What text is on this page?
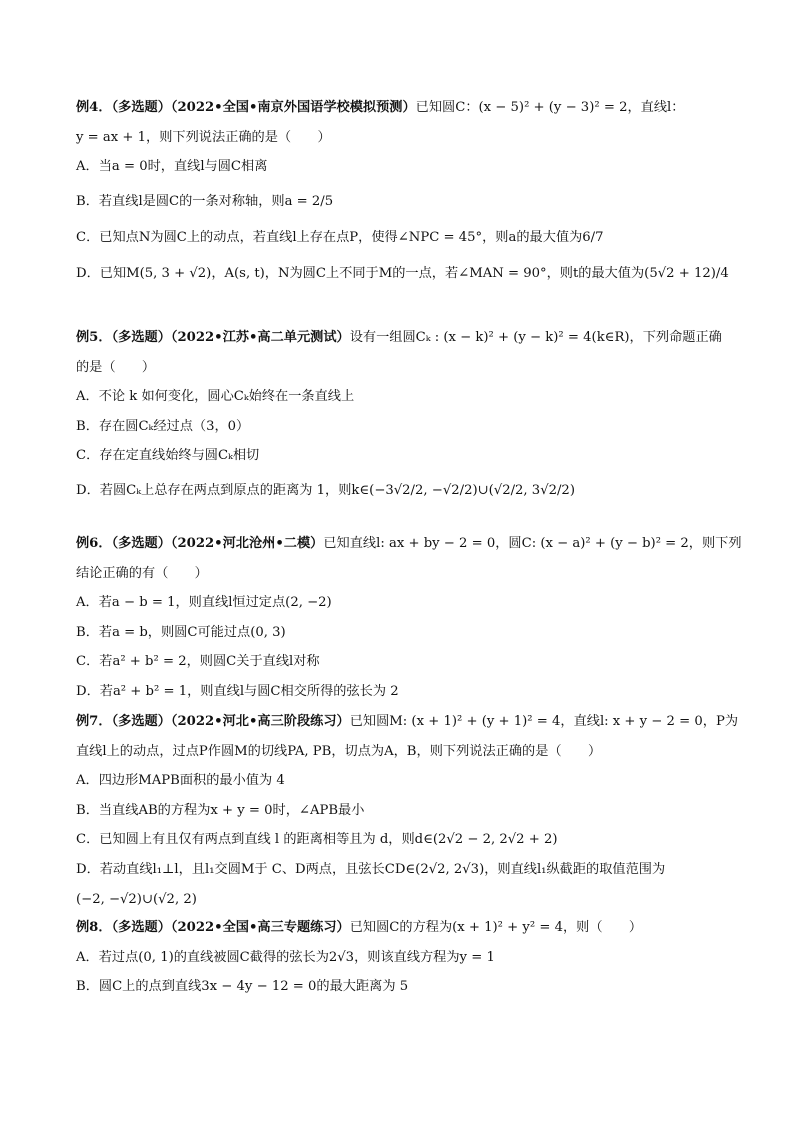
例4．（多选题）（2022•全国•南京外国语学校模拟预测）已知圆C：(x − 5)² + (y − 3)² = 2，直线l：
y = ax + 1，则下列说法正确的是（　　）
A．当a = 0时，直线l与圆C相离
B．若直线l是圆C的一条对称轴，则a = 2/5
C．已知点N为圆C上的动点，若直线l上存在点P，使得∠NPC = 45°，则a的最大值为6/7
D．已知M(5, 3 + √2)，A(s, t)，N为圆C上不同于M的一点，若∠MAN = 90°，则t的最大值为(5√2 + 12)/4
例5．（多选题）（2022•江苏•高二单元测试）设有一组圆Cₖ : (x − k)² + (y − k)² = 4(k∈R)，下列命题正确
的是（　　）
A．不论 k 如何变化，圆心Cₖ始终在一条直线上
B．存在圆Cₖ经过点（3，0）
C．存在定直线始终与圆Cₖ相切
D．若圆Cₖ上总存在两点到原点的距离为 1，则k∈(−3√2/2, −√2/2)∪(√2/2, 3√2/2)
例6．（多选题）（2022•河北沧州•二模）已知直线l: ax + by − 2 = 0，圆C: (x − a)² + (y − b)² = 2，则下列
结论正确的有（　　）
A．若a − b = 1，则直线l恒过定点(2, −2)
B．若a = b，则圆C可能过点(0, 3)
C．若a² + b² = 2，则圆C关于直线l对称
D．若a² + b² = 1，则直线l与圆C相交所得的弦长为 2
例7．（多选题）（2022•河北•高三阶段练习）已知圆M: (x + 1)² + (y + 1)² = 4，直线l: x + y − 2 = 0，P为
直线l上的动点，过点P作圆M的切线PA, PB，切点为A，B，则下列说法正确的是（　　）
A．四边形MAPB面积的最小值为 4
B．当直线AB的方程为x + y = 0时，∠APB最小
C．已知圆上有且仅有两点到直线 l 的距离相等且为 d，则d∈(2√2 − 2, 2√2 + 2)
D．若动直线l₁⊥l，且l₁交圆M于 C、D两点，且弦长CD∈(2√2, 2√3)，则直线l₁纵截距的取值范围为
(−2, −√2)∪(√2, 2)
例8．（多选题）（2022•全国•高三专题练习）已知圆C的方程为(x + 1)² + y² = 4，则（　　）
A．若过点(0, 1)的直线被圆C截得的弦长为2√3，则该直线方程为y = 1
B．圆C上的点到直线3x − 4y − 12 = 0的最大距离为 5
